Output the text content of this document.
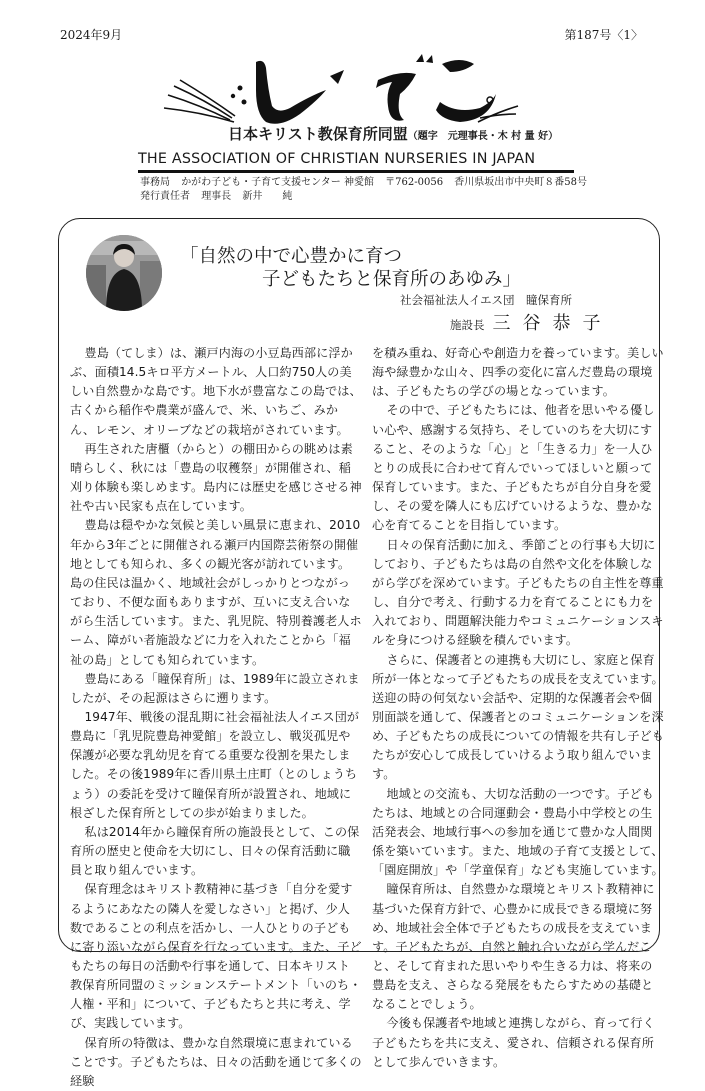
2024年9月	第187号〈1〉
日本キリスト教保育所同盟（題字　元理事長・木 村 量 好）
THE ASSOCIATION OF CHRISTIAN NURSERIES IN JAPAN
事務局 かがわ子ども・子育て支援センター 神愛館 〒762-0056 香川県坂出市中央町８番58号
発行責任者 理事長 新井　　純
「自然の中で心豊かに育つ
子どもたちと保育所のあゆみ」
社会福祉法人イエス団　瞳保育所
施設長 三谷恭子

豊島（てしま）は、瀬戸内海の小豆島西部に浮かぶ、面積14.5キロ平方メートル、人口約750人の美しい自然豊かな島です。地下水が豊富なこの島では、古くから稲作や農業が盛んで、米、いちご、みかん、レモン、オリーブなどの栽培がされています。

再生された唐櫃（からと）の棚田からの眺めは素晴らしく、秋には「豊島の収穫祭」が開催され、稲刈り体験も楽しめます。島内には歴史を感じさせる神社や古い民家も点在しています。

豊島は穏やかな気候と美しい風景に恵まれ、2010年から3年ごとに開催される瀬戸内国際芸術祭の開催地としても知られ、多くの観光客が訪れています。島の住民は温かく、地域社会がしっかりとつながっており、不便な面もありますが、互いに支え合いながら生活しています。また、乳児院、特別養護老人ホーム、障がい者施設などに力を入れたことから「福祉の島」としても知られています。

豊島にある「瞳保育所」は、1989年に設立されましたが、その起源はさらに遡ります。

1947年、戦後の混乱期に社会福祉法人イエス団が豊島に「乳児院豊島神愛館」を設立し、戦災孤児や保護が必要な乳幼児を育てる重要な役割を果たしました。その後1989年に香川県土庄町（とのしょうちょう）の委託を受けて瞳保育所が設置され、地域に根ざした保育所としての歩が始まりました。

私は2014年から瞳保育所の施設長として、この保育所の歴史と使命を大切にし、日々の保育活動に職員と取り組んでいます。

保育理念はキリスト教精神に基づき「自分を愛するようにあなたの隣人を愛しなさい」と掲げ、少人数であることの利点を活かし、一人ひとりの子どもに寄り添いながら保育を行なっています。また、子どもたちの毎日の活動や行事を通して、日本キリスト教保育所同盟のミッションステートメント「いのち・人権・平和」について、子どもたちと共に考え、学び、実践しています。

保育所の特徴は、豊かな自然環境に恵まれていることです。子どもたちは、日々の活動を通じて多くの経験

を積み重ね、好奇心や創造力を養っています。美しい海や緑豊かな山々、四季の変化に富んだ豊島の環境は、子どもたちの学びの場となっています。

その中で、子どもたちには、他者を思いやる優しい心や、感謝する気持ち、そしていのちを大切にすること、そのような「心」と「生きる力」を一人ひとりの成長に合わせて育んでいってほしいと願って保育しています。また、子どもたちが自分自身を愛し、その愛を隣人にも広げていけるような、豊かな心を育てることを目指しています。

日々の保育活動に加え、季節ごとの行事も大切にしており、子どもたちは島の自然や文化を体験しながら学びを深めています。子どもたちの自主性を尊重し、自分で考え、行動する力を育てることにも力を入れており、問題解決能力やコミュニケーションスキルを身につける経験を積んでいます。

さらに、保護者との連携も大切にし、家庭と保育所が一体となって子どもたちの成長を支えています。送迎の時の何気ない会話や、定期的な保護者会や個別面談を通して、保護者とのコミュニケーションを深め、子どもたちの成長についての情報を共有し子どもたちが安心して成長していけるよう取り組んでいます。

地域との交流も、大切な活動の一つです。子どもたちは、地域との合同運動会・豊島小中学校との生活発表会、地域行事への参加を通じて豊かな人間関係を築いています。また、地域の子育て支援として、「園庭開放」や「学童保育」なども実施しています。

瞳保育所は、自然豊かな環境とキリスト教精神に基づいた保育方針で、心豊かに成長できる環境に努め、地域社会全体で子どもたちの成長を支えています。子どもたちが、自然と触れ合いながら学んだこと、そして育まれた思いやりや生きる力は、将来の豊島を支え、さらなる発展をもたらすための基礎となることでしょう。

今後も保護者や地域と連携しながら、育って行く子どもたちを共に支え、愛され、信頼される保育所として歩んでいきます。
